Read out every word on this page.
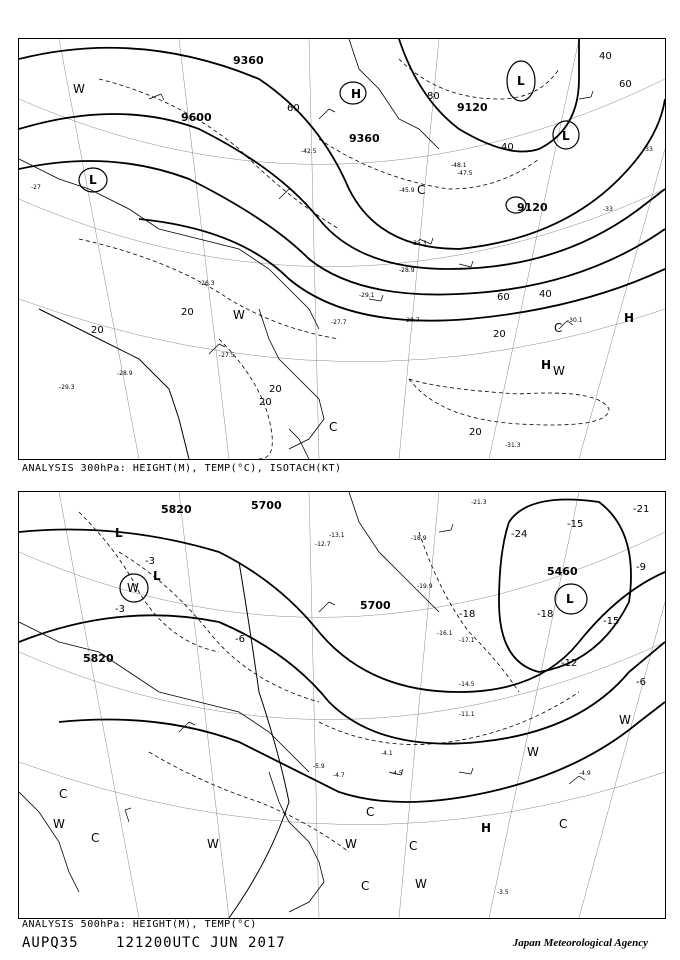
9600
9360
9120
9120
9360
20
20
40
40
60
60
80
60
40
20
20
20
20
H
L
L
L
H
H
W
W
W
C
C
C
-30.1
-28.7
-28.9
-29.1
-27.7
-26.3
-27.5
-28.9
-31.3
-35.3
-42.5
-45.9
-48.1
-47.5
-33
-33
-27
-29.3
ANALYSIS 300hPa: HEIGHT(M), TEMP(°C), ISOTACH(KT)
5820	5700
5700
5820
5460
-3
-6
-18
-24
-21
-15
-12
-9
-6
-3
-15
-18
L
L
L
W
H
C
C
C
C
C
C
W	W
W
W
W
W
-4.9
-3.5
-4.5
-4.7
-4.1
-5.9
-11.1
-14.5
-17.1
-19.9
-21.3
-18.9
-12.7
-13.1
-16.1
ANALYSIS 500hPa: HEIGHT(M), TEMP(°C)
AUPQ35	121200UTC JUN 2017	Japan Meteorological Agency
